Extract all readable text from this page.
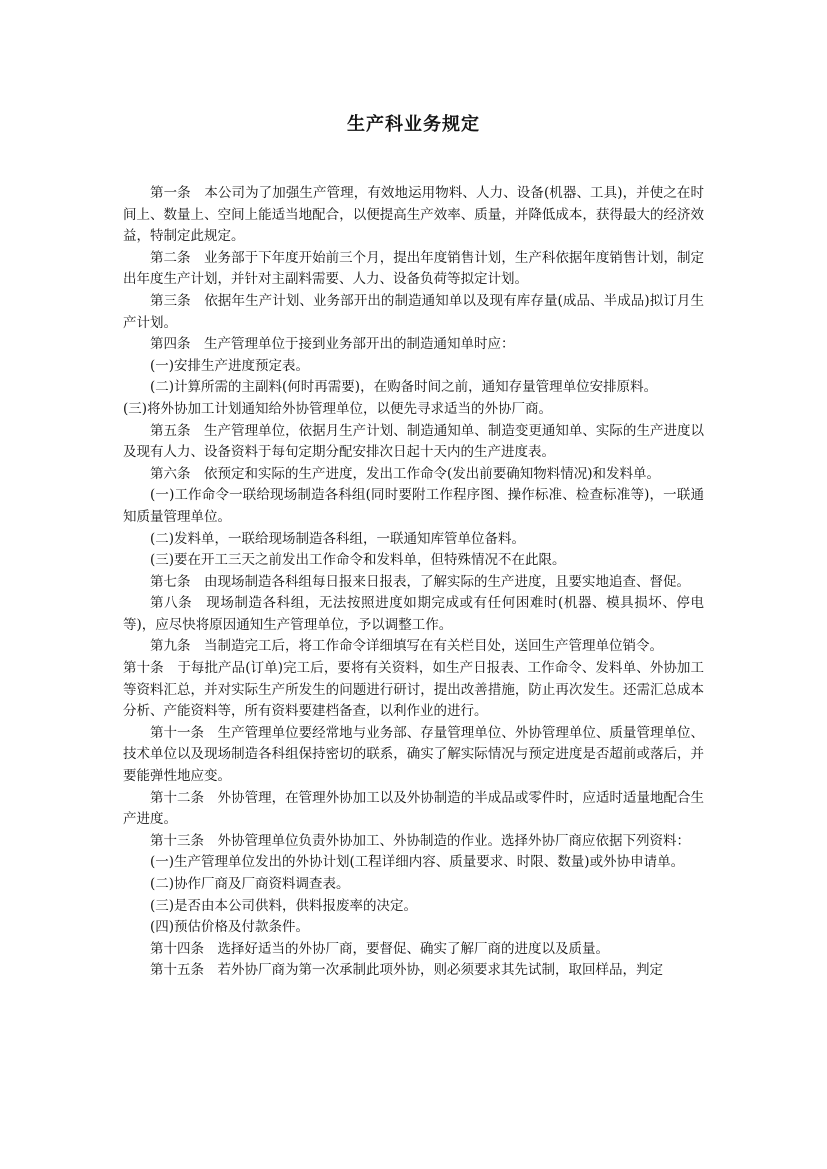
生产科业务规定

第一条　本公司为了加强生产管理，有效地运用物料、人力、设备(机器、工具)，并使之在时间上、数量上、空间上能适当地配合，以便提高生产效率、质量，并降低成本，获得最大的经济效益，特制定此规定。

第二条　业务部于下年度开始前三个月，提出年度销售计划，生产科依据年度销售计划，制定出年度生产计划，并针对主副料需要、人力、设备负荷等拟定计划。

第三条　依据年生产计划、业务部开出的制造通知单以及现有库存量(成品、半成品)拟订月生产计划。

第四条　生产管理单位于接到业务部开出的制造通知单时应：

(一)安排生产进度预定表。

(二)计算所需的主副料(何时再需要)，在购备时间之前，通知存量管理单位安排原料。

(三)将外协加工计划通知给外协管理单位，以便先寻求适当的外协厂商。

第五条　生产管理单位，依据月生产计划、制造通知单、制造变更通知单、实际的生产进度以及现有人力、设备资料于每旬定期分配安排次日起十天内的生产进度表。

第六条　依预定和实际的生产进度，发出工作命令(发出前要确知物料情况)和发料单。

(一)工作命令一联给现场制造各科组(同时要附工作程序图、操作标准、检查标准等)，一联通知质量管理单位。

(二)发料单，一联给现场制造各科组，一联通知库管单位备料。

(三)要在开工三天之前发出工作命令和发料单，但特殊情况不在此限。

第七条　由现场制造各科组每日报来日报表，了解实际的生产进度，且要实地追查、督促。

第八条　现场制造各科组，无法按照进度如期完成或有任何困难时(机器、模具损坏、停电等)，应尽快将原因通知生产管理单位，予以调整工作。

第九条　当制造完工后，将工作命令详细填写在有关栏目处，送回生产管理单位销令。

第十条　于每批产品(订单)完工后，要将有关资料，如生产日报表、工作命令、发料单、外协加工等资料汇总，并对实际生产所发生的问题进行研讨，提出改善措施，防止再次发生。还需汇总成本分析、产能资料等，所有资料要建档备查，以利作业的进行。

第十一条　生产管理单位要经常地与业务部、存量管理单位、外协管理单位、质量管理单位、技术单位以及现场制造各科组保持密切的联系，确实了解实际情况与预定进度是否超前或落后，并要能弹性地应变。

第十二条　外协管理，在管理外协加工以及外协制造的半成品或零件时，应适时适量地配合生产进度。

第十三条　外协管理单位负责外协加工、外协制造的作业。选择外协厂商应依据下列资料：

(一)生产管理单位发出的外协计划(工程详细内容、质量要求、时限、数量)或外协申请单。

(二)协作厂商及厂商资料调查表。

(三)是否由本公司供料，供料报废率的决定。

(四)预估价格及付款条件。

第十四条　选择好适当的外协厂商，要督促、确实了解厂商的进度以及质量。

第十五条　若外协厂商为第一次承制此项外协，则必须要求其先试制，取回样品，判定
